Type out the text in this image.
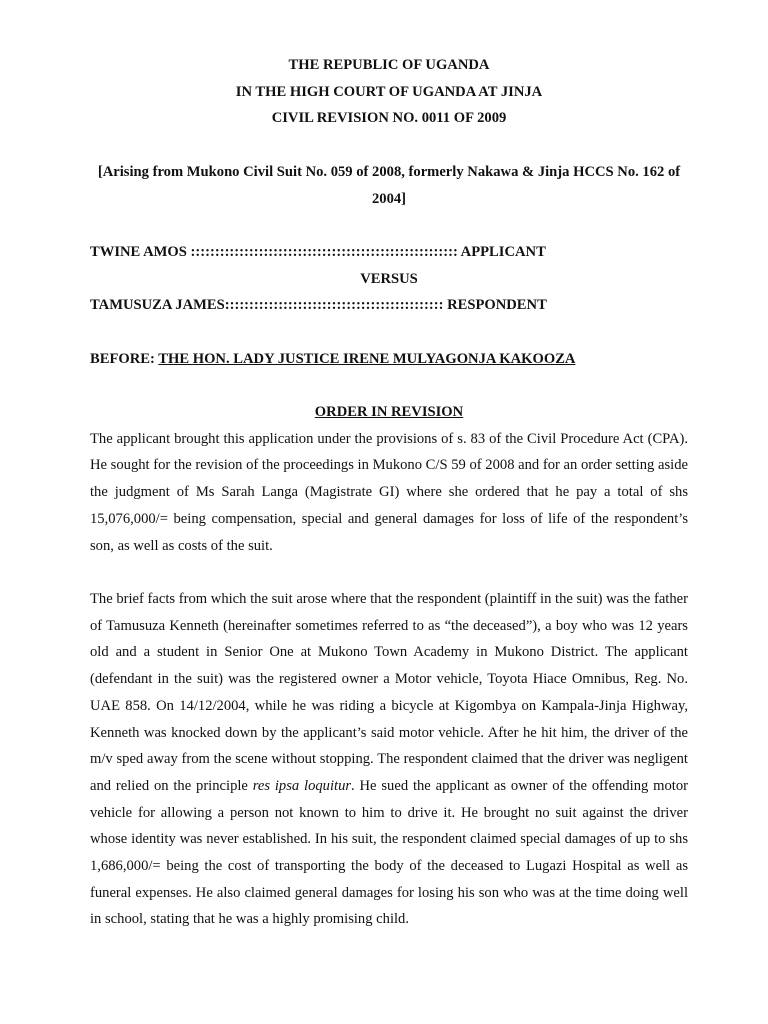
THE REPUBLIC OF UGANDA

IN THE HIGH COURT OF UGANDA AT JINJA

CIVIL REVISION NO. 0011 OF 2009

[Arising from Mukono Civil Suit No. 059 of 2008, formerly Nakawa & Jinja HCCS No. 162 of 2004]

TWINE AMOS ::::::::::::::::::::::::::::::::::::::::::::::::::::::: APPLICANT

VERSUS

TAMUSUZA JAMES::::::::::::::::::::::::::::::::::::::::::::: RESPONDENT

BEFORE: THE HON. LADY JUSTICE IRENE MULYAGONJA KAKOOZA

ORDER IN REVISION

The applicant brought this application under the provisions of s. 83 of the Civil Procedure Act (CPA). He sought for the revision of the proceedings in Mukono C/S 59 of 2008 and for an order setting aside the judgment of Ms Sarah Langa (Magistrate GI) where she ordered that he pay a total of shs 15,076,000/= being compensation, special and general damages for loss of life of the respondent’s son, as well as costs of the suit.

The brief facts from which the suit arose where that the respondent (plaintiff in the suit) was the father of Tamusuza Kenneth (hereinafter sometimes referred to as “the deceased”), a boy who was 12 years old and a student in Senior One at Mukono Town Academy in Mukono District. The applicant (defendant in the suit) was the registered owner a Motor vehicle, Toyota Hiace Omnibus, Reg. No. UAE 858. On 14/12/2004, while he was riding a bicycle at Kigombya on Kampala-Jinja Highway, Kenneth was knocked down by the applicant’s said motor vehicle. After he hit him, the driver of the m/v sped away from the scene without stopping. The respondent claimed that the driver was negligent and relied on the principle res ipsa loquitur. He sued the applicant as owner of the offending motor vehicle for allowing a person not known to him to drive it. He brought no suit against the driver whose identity was never established. In his suit, the respondent claimed special damages of up to shs 1,686,000/= being the cost of transporting the body of the deceased to Lugazi Hospital as well as funeral expenses. He also claimed general damages for losing his son who was at the time doing well in school, stating that he was a highly promising child.
